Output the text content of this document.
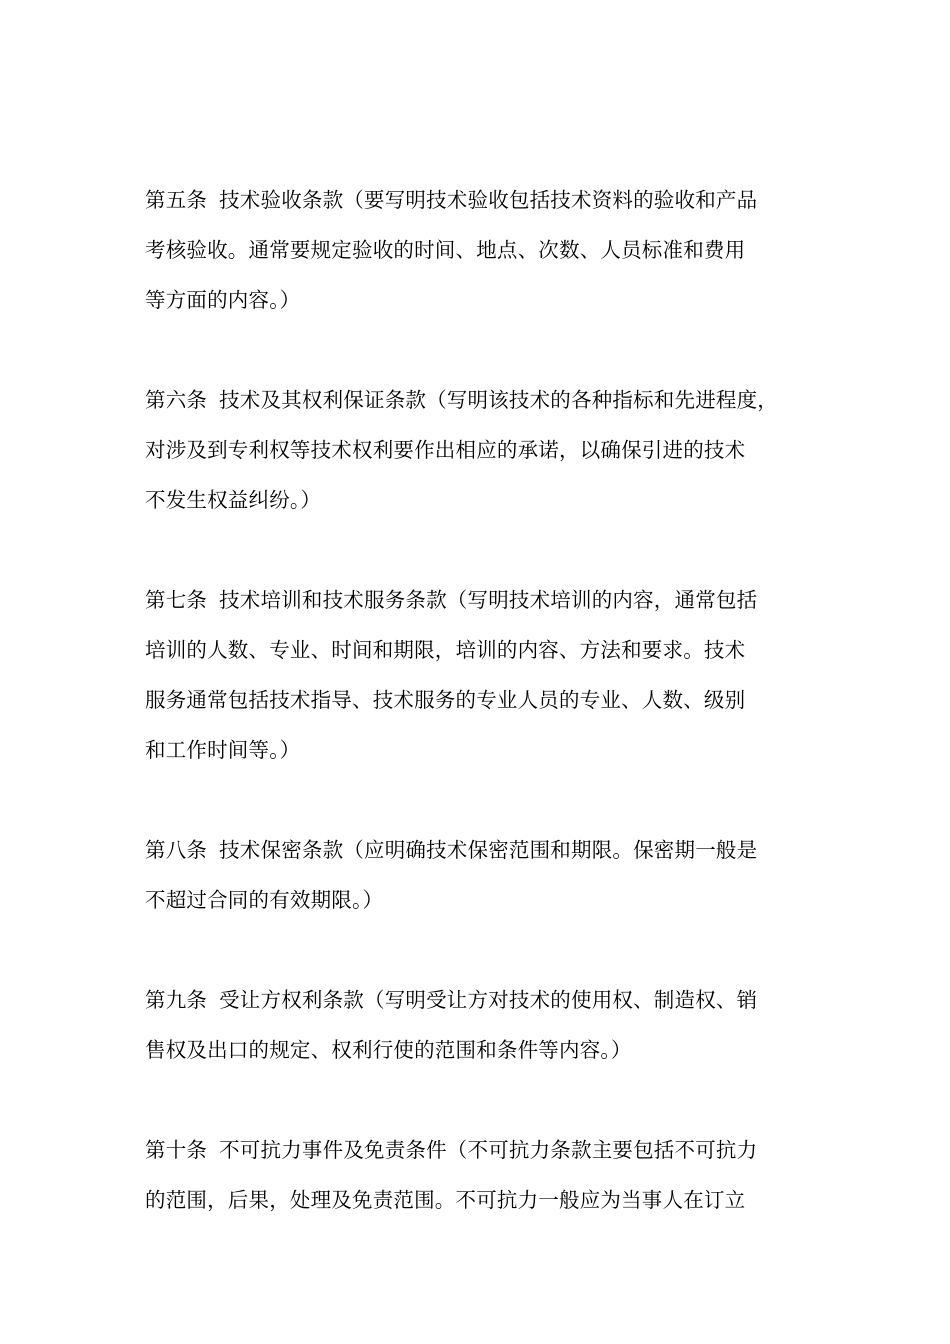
第五条 技术验收条款（要写明技术验收包括技术资料的验收和产品
考核验收。通常要规定验收的时间、地点、次数、人员标准和费用
等方面的内容。）
第六条 技术及其权利保证条款（写明该技术的各种指标和先进程度，
对涉及到专利权等技术权利要作出相应的承诺，以确保引进的技术
不发生权益纠纷。）
第七条 技术培训和技术服务条款（写明技术培训的内容，通常包括
培训的人数、专业、时间和期限，培训的内容、方法和要求。技术
服务通常包括技术指导、技术服务的专业人员的专业、人数、级别
和工作时间等。）
第八条 技术保密条款（应明确技术保密范围和期限。保密期一般是
不超过合同的有效期限。）
第九条 受让方权利条款（写明受让方对技术的使用权、制造权、销
售权及出口的规定、权利行使的范围和条件等内容。）
第十条 不可抗力事件及免责条件（不可抗力条款主要包括不可抗力
的范围，后果，处理及免责范围。不可抗力一般应为当事人在订立
